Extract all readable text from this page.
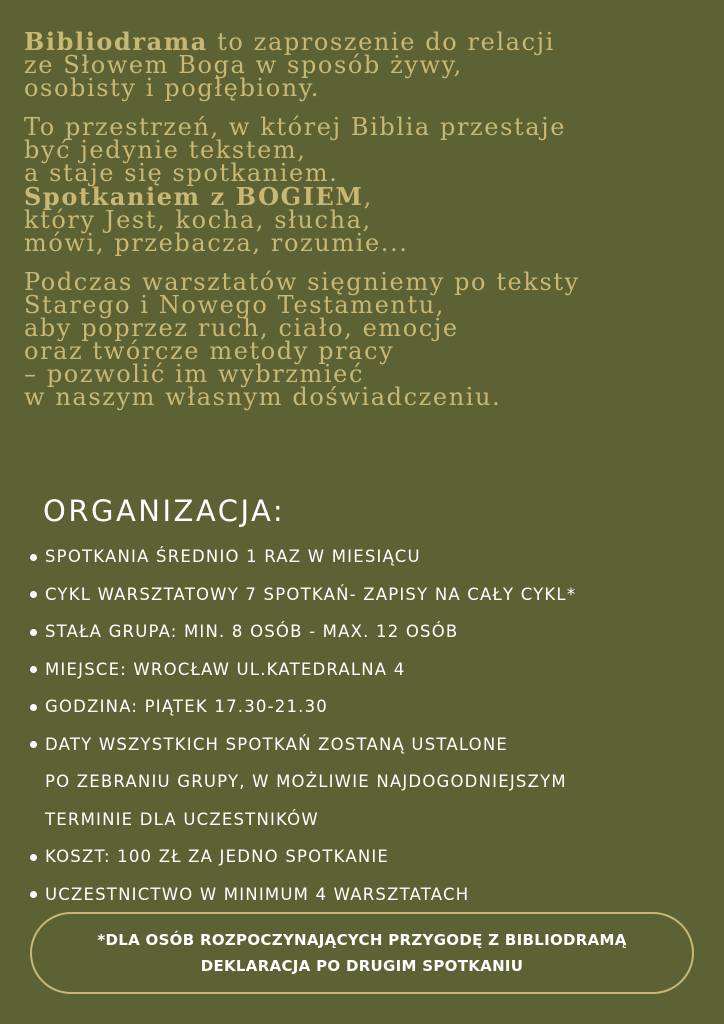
Bibliodrama to zaproszenie do relacji
ze Słowem Boga w sposób żywy,
osobisty i pogłębiony.
To przestrzeń, w której Biblia przestaje
być jedynie tekstem,
a staje się spotkaniem.
Spotkaniem z BOGIEM,
który Jest, kocha, słucha,
mówi, przebacza, rozumie...
Podczas warsztatów sięgniemy po teksty
Starego i Nowego Testamentu,
aby poprzez ruch, ciało, emocje
oraz twórcze metody pracy
– pozwolić im wybrzmieć
w naszym własnym doświadczeniu.
ORGANIZACJA:
SPOTKANIA ŚREDNIO 1 RAZ W MIESIĄCU
CYKL WARSZTATOWY 7 SPOTKAŃ- ZAPISY NA CAŁY CYKL*
STAŁA GRUPA: MIN. 8 OSÓB - MAX. 12 OSÓB
MIEJSCE: WROCŁAW UL.KATEDRALNA 4
GODZINA: PIĄTEK 17.30-21.30
DATY WSZYSTKICH SPOTKAŃ ZOSTANĄ USTALONE
PO ZEBRANIU GRUPY, W MOŻLIWIE NAJDOGODNIEJSZYM
TERMINIE DLA UCZESTNIKÓW
KOSZT: 100 ZŁ ZA JEDNO SPOTKANIE
UCZESTNICTWO W MINIMUM 4 WARSZTATACH
*DLA OSÓB ROZPOCZYNAJĄCYCH PRZYGODĘ Z BIBLIODRAMĄ
DEKLARACJA PO DRUGIM SPOTKANIU
